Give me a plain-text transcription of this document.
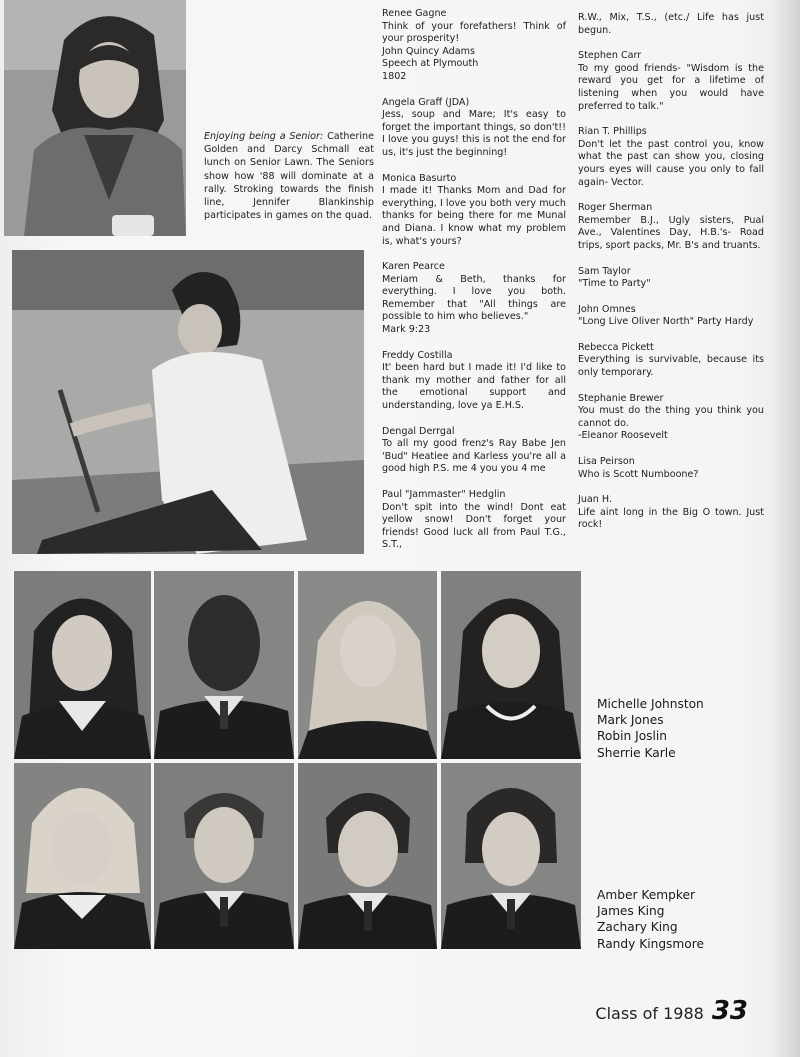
Enjoying being a Senior: Catherine Golden and Darcy Schmall eat lunch on Senior Lawn. The Seniors show how '88 will dominate at a rally. Stroking towards the finish line, Jennifer Blankinship participates in games on the quad.
Renee Gagne
Think of your forefathers! Think of your prosperity!
John Quincy Adams
Speech at Plymouth
1802
Angela Graff (JDA)
Jess, soup and Mare; It's easy to forget the important things, so don't!! I love you guys! this is not the end for us, it's just the beginning!
Monica Basurto
I made it! Thanks Mom and Dad for everything, I love you both very much thanks for being there for me Munal and Diana. I know what my problem is, what's yours?
Karen Pearce
Meriam & Beth, thanks for everything. I love you both. Remember that "All things are possible to him who believes."
Mark 9:23
Freddy Costilla
It' been hard but I made it! I'd like to thank my mother and father for all the emotional support and understanding, love ya E.H.S.
Dengal Derrgal
To all my good frenz's Ray Babe Jen 'Bud" Heatiee and Karless you're all a good high P.S. me 4 you you 4 me
Paul "Jammaster" Hedglin
Don't spit into the wind! Dont eat yellow snow! Don't forget your friends! Good luck all from Paul T.G., S.T.,
R.W., Mix, T.S., (etc./ Life has just begun.
Stephen Carr
To my good friends- "Wisdom is the reward you get for a lifetime of listening when you would have preferred to talk."
Rian T. Phillips
Don't let the past control you, know what the past can show you, closing yours eyes will cause you only to fall again- Vector.
Roger Sherman
Remember B.J., Ugly sisters, Pual Ave., Valentines Day, H.B.'s- Road trips, sport packs, Mr. B's and truants.
Sam Taylor
"Time to Party"
John Omnes
"Long Live Oliver North" Party Hardy
Rebecca Pickett
Everything is survivable, because its only temporary.
Stephanie Brewer
You must do the thing you think you cannot do.
-Eleanor Roosevelt
Lisa Peirson
Who is Scott Numboone?
Juan H.
Life aint long in the Big O town. Just rock!
Michelle Johnston
Mark Jones
Robin Joslin
Sherrie Karle
Amber Kempker
James King
Zachary King
Randy Kingsmore
Class of 1988 33
